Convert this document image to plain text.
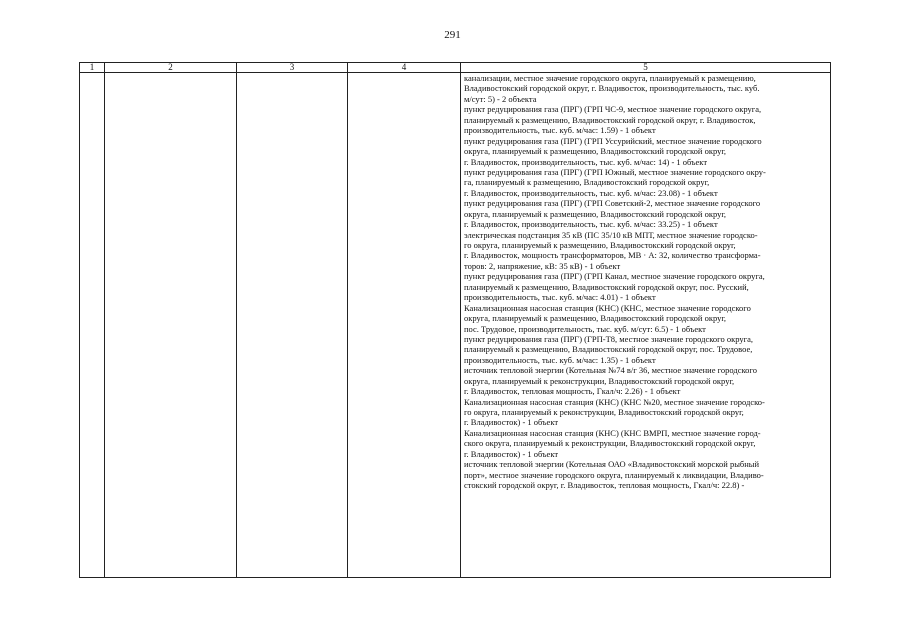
291
1	2	3	4	5
канализации, местное значение городского округа, планируемый к размещению,
Владивостокский городской округ, г. Владивосток, производительность, тыс. куб.
м/сут: 5) - 2 объекта
пункт редуцирования газа (ПРГ) (ГРП ЧС-9, местное значение городского округа,
планируемый к размещению, Владивостокский городской округ, г. Владивосток,
производительность, тыс. куб. м/час: 1.59) - 1 объект
пункт редуцирования газа (ПРГ) (ГРП Уссурийский, местное значение городского
округа, планируемый к размещению, Владивостокский городской округ,
г. Владивосток, производительность, тыс. куб. м/час: 14) - 1 объект
пункт редуцирования газа (ПРГ) (ГРП Южный, местное значение городского окру-
га, планируемый к размещению, Владивостокский городской округ,
г. Владивосток, производительность, тыс. куб. м/час: 23.08) - 1 объект
пункт редуцирования газа (ПРГ) (ГРП Советский-2, местное значение городского
округа, планируемый к размещению, Владивостокский городской округ,
г. Владивосток, производительность, тыс. куб. м/час: 33.25) - 1 объект
электрическая подстанция 35 кВ (ПС 35/10 кВ МПТ, местное значение городско-
го округа, планируемый к размещению, Владивостокский городской округ,
г. Владивосток, мощность трансформаторов, МВ · А: 32, количество трансформа-
торов: 2, напряжение, кВ: 35 кВ) - 1 объект
пункт редуцирования газа (ПРГ) (ГРП Канал, местное значение городского округа,
планируемый к размещению, Владивостокский городской округ, пос. Русский,
производительность, тыс. куб. м/час: 4.01) - 1 объект
Канализационная насосная станция (КНС) (КНС, местное значение городского
округа, планируемый к размещению, Владивостокский городской округ,
пос. Трудовое, производительность, тыс. куб. м/сут: 6.5) - 1 объект
пункт редуцирования газа (ПРГ) (ГРП-Т8, местное значение городского округа,
планируемый к размещению, Владивостокский городской округ, пос. Трудовое,
производительность, тыс. куб. м/час: 1.35) - 1 объект
источник тепловой энергии (Котельная №74 в/г 36, местное значение городского
округа, планируемый к реконструкции, Владивостокский городской округ,
г. Владивосток, тепловая мощность, Гкал/ч: 2.26) - 1 объект
Канализационная насосная станция (КНС) (КНС №20, местное значение городско-
го округа, планируемый к реконструкции, Владивостокский городской округ,
г. Владивосток) - 1 объект
Канализационная насосная станция (КНС) (КНС ВМРП, местное значение город-
ского округа, планируемый к реконструкции, Владивостокский городской округ,
г. Владивосток) - 1 объект
источник тепловой энергии (Котельная ОАО «Владивостокский морской рыбный
порт», местное значение городского округа, планируемый к ликвидации, Владиво-
стокский городской округ, г. Владивосток, тепловая мощность, Гкал/ч: 22.8) -
